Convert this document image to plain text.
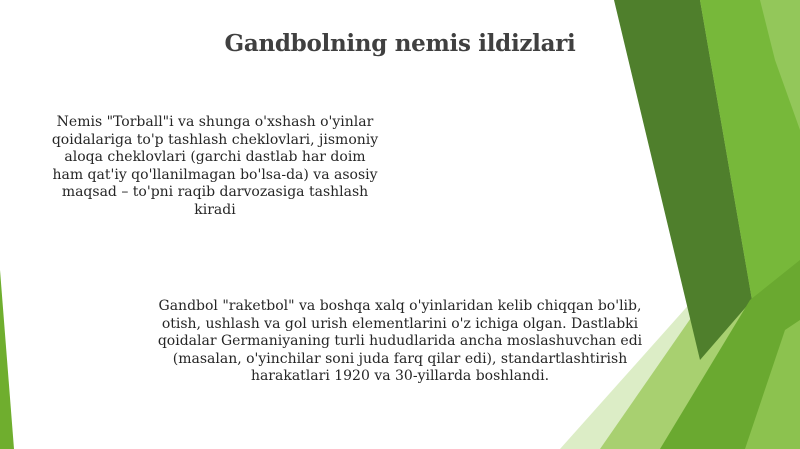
Gandbolning nemis ildizlari
Nemis "Torball"i va shunga o'xshash o'yinlar qoidalariga to'p tashlash cheklovlari, jismoniy aloqa cheklovlari (garchi dastlab har doim ham qat'iy qo'llanilmagan bo'lsa-da) va asosiy maqsad – to'pni raqib darvozasiga tashlash kiradi
Gandbol "raketbol" va boshqa xalq o'yinlaridan kelib chiqqan bo'lib, otish, ushlash va gol urish elementlarini o'z ichiga olgan. Dastlabki qoidalar Germaniyaning turli hududlarida ancha moslashuvchan edi (masalan, o'yinchilar soni juda farq qilar edi), standartlashtirish harakatlari 1920 va 30-yillarda boshlandi.
